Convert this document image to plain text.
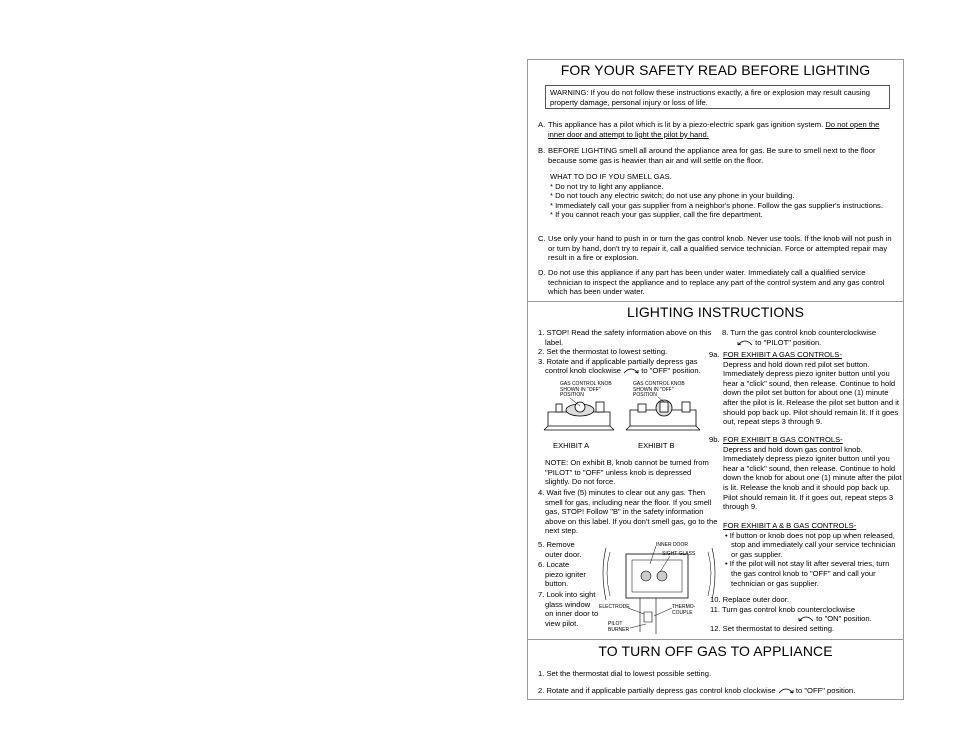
FOR YOUR SAFETY READ BEFORE LIGHTING
WARNING: If you do not follow these instructions exactly, a fire or explosion may result causing property damage, personal injury or loss of life.
A. This appliance has a pilot which is lit by a piezo-electric spark gas ignition system. Do not open the inner door and attempt to light the pilot by hand.
B. BEFORE LIGHTING smell all around the appliance area for gas. Be sure to smell next to the floor because some gas is heavier than air and will settle on the floor.
WHAT TO DO IF YOU SMELL GAS.
* Do not try to light any appliance.
* Do not touch any electric switch; do not use any phone in your building.
* Immediately call your gas supplier from a neighbor's phone. Follow the gas supplier's instructions.
* If you cannot reach your gas supplier, call the fire department.
C. Use only your hand to push in or turn the gas control knob. Never use tools. If the knob will not push in or turn by hand, don't try to repair it, call a qualified service technician. Force or attempted repair may result in a fire or explosion.
D. Do not use this appliance if any part has been under water. Immediately call a qualified service technician to inspect the appliance and to replace any part of the control system and any gas control which has been under water.
LIGHTING INSTRUCTIONS
1. STOP! Read the safety information above on this label.
2. Set the thermostat to lowest setting.
3. Rotate and if applicable partially depress gas control knob clockwise	to "OFF" position.
GAS CONTROL KNOB SHOWN IN "OFF" POSITION
GAS CONTROL KNOB SHOWN IN "OFF" POSITION
EXHIBIT A	EXHIBIT B
NOTE: On exhibit B, knob cannot be turned from "PILOT" to "OFF" unless knob is depressed slightly. Do not force.
4. Wait five (5) minutes to clear out any gas. Then smell for gas, including near the floor. If you smell gas, STOP! Follow "B" in the safety information above on this label. If you don't smell gas, go to the next step.
5. Remove outer door.
6. Locate piezo igniter button.
7. Look into sight glass window on inner door to view pilot.
INNER DOOR
SIGHT GLASS
ELECTRODE	THERMO-COUPLE
PILOT BURNER
8. Turn the gas control knob counterclockwise
to "PILOT" position.
9a. FOR EXHIBIT A GAS CONTROLS-
Depress and hold down red pilot set button. Immediately depress piezo igniter button until you hear a "click" sound, then release. Continue to hold down the pilot set button for about one (1) minute after the pilot is lit. Release the pilot set button and it should pop back up. Pilot should remain lit. If it goes out, repeat steps 3 through 9.
9b. FOR EXHIBIT B GAS CONTROLS-
Depress and hold down gas control knob. Immediately depress piezo igniter button until you hear a "click" sound, then release. Continue to hold down the knob for about one (1) minute after the pilot is lit. Release the knob and it should pop back up. Pilot should remain lit. If it goes out, repeat steps 3 through 9.
FOR EXHIBIT A & B GAS CONTROLS-
• If button or knob does not pop up when released, stop and immediately call your service technician or gas supplier.
• If the pilot will not stay lit after several tries, turn the gas control knob to "OFF" and call your technician or gas supplier.
10. Replace outer door.
11. Turn gas control knob counterclockwise
to "ON" position.
12. Set thermostat to desired setting.
TO TURN OFF GAS TO APPLIANCE
1. Set the thermostat dial to lowest possible setting.
2. Rotate and if applicable partially depress gas control knob clockwise	to "OFF" position.
